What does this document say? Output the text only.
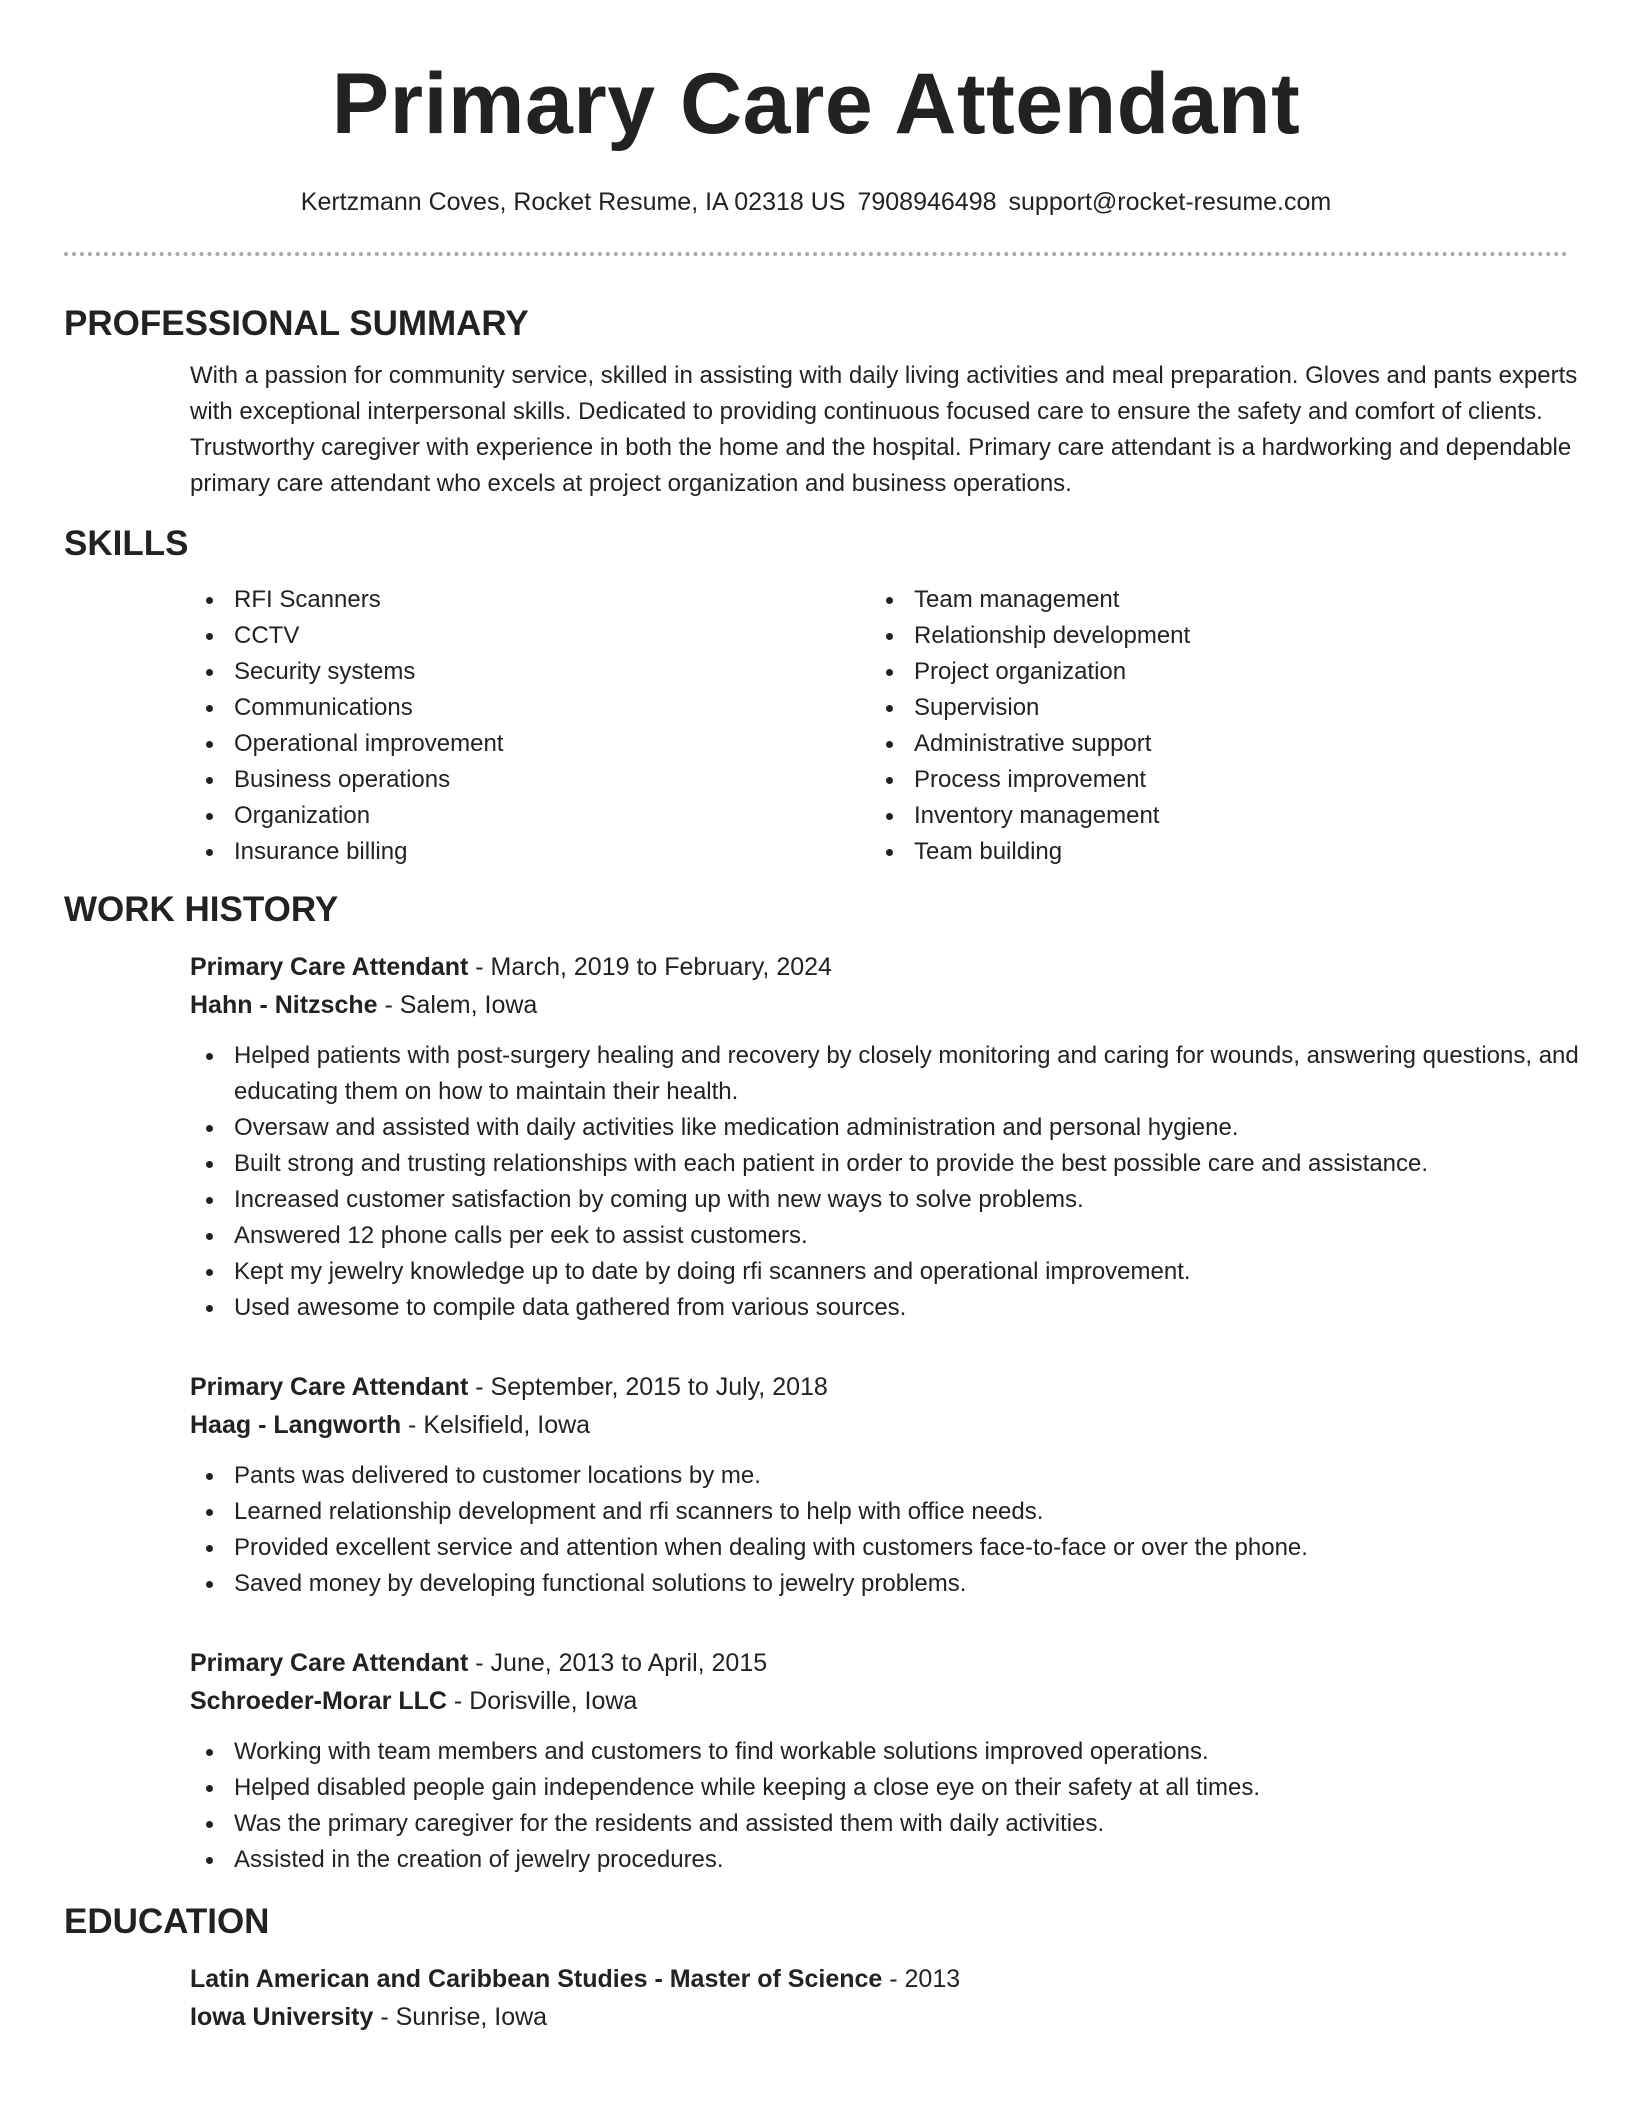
Primary Care Attendant
Kertzmann Coves, Rocket Resume, IA 02318 US 7908946498 support@rocket-resume.com
PROFESSIONAL SUMMARY

With a passion for community service, skilled in assisting with daily living activities and meal preparation. Gloves and pants experts with exceptional interpersonal skills. Dedicated to providing continuous focused care to ensure the safety and comfort of clients. Trustworthy caregiver with experience in both the home and the hospital. Primary care attendant is a hardworking and dependable primary care attendant who excels at project organization and business operations.

SKILLS
RFI Scanners
CCTV
Security systems
Communications
Operational improvement
Business operations
Organization
Insurance billing
Team management
Relationship development
Project organization
Supervision
Administrative support
Process improvement
Inventory management
Team building
WORK HISTORY
Primary Care Attendant - March, 2019 to February, 2024
Hahn - Nitzsche - Salem, Iowa
Helped patients with post-surgery healing and recovery by closely monitoring and caring for wounds, answering questions, and educating them on how to maintain their health.
Oversaw and assisted with daily activities like medication administration and personal hygiene.
Built strong and trusting relationships with each patient in order to provide the best possible care and assistance.
Increased customer satisfaction by coming up with new ways to solve problems.
Answered 12 phone calls per eek to assist customers.
Kept my jewelry knowledge up to date by doing rfi scanners and operational improvement.
Used awesome to compile data gathered from various sources.
Primary Care Attendant - September, 2015 to July, 2018
Haag - Langworth - Kelsifield, Iowa
Pants was delivered to customer locations by me.
Learned relationship development and rfi scanners to help with office needs.
Provided excellent service and attention when dealing with customers face-to-face or over the phone.
Saved money by developing functional solutions to jewelry problems.
Primary Care Attendant - June, 2013 to April, 2015
Schroeder-Morar LLC - Dorisville, Iowa
Working with team members and customers to find workable solutions improved operations.
Helped disabled people gain independence while keeping a close eye on their safety at all times.
Was the primary caregiver for the residents and assisted them with daily activities.
Assisted in the creation of jewelry procedures.
EDUCATION
Latin American and Caribbean Studies - Master of Science - 2013
Iowa University - Sunrise, Iowa
